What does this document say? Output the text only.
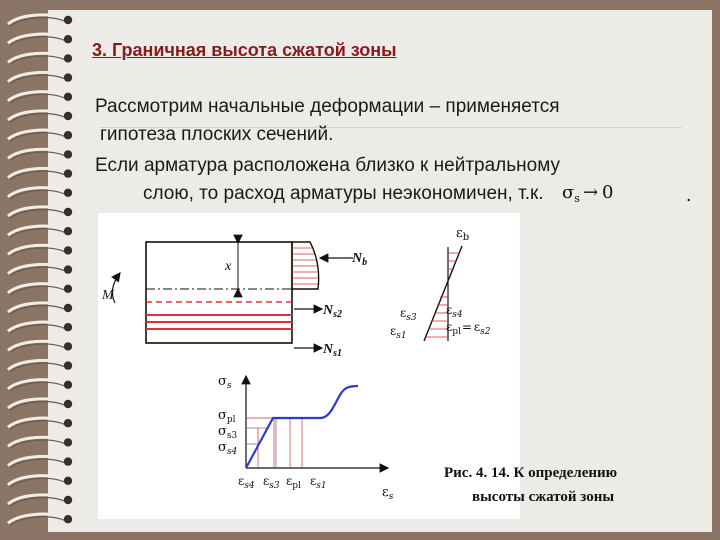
3. Граничная высота сжатой зоны

Рассмотрим начальные деформации – применяется

гипотеза плоских сечений.

Если арматура расположена близко к нейтральному

слою, то расход арматуры неэкономичен, т.к. $\sigma_s \to 0$	.
x
M
$N_b$
$N_{s2}$
$N_{s1}$
$\varepsilon_b$
$\varepsilon_{s3}$
$\varepsilon_{s4}$
$\varepsilon_{s1}$
$\varepsilon_{pl}= \varepsilon_{s2}$
$\sigma_s$
$\sigma_{pl}$
$\sigma_{s3}$
$\sigma_{s4}$
$\varepsilon_{s4}$ $\varepsilon_{s3}$ $\varepsilon_{pl}$ $\varepsilon_{s1}$	$\varepsilon_s$

Рис. 4. 14. К определению

высоты сжатой зоны
